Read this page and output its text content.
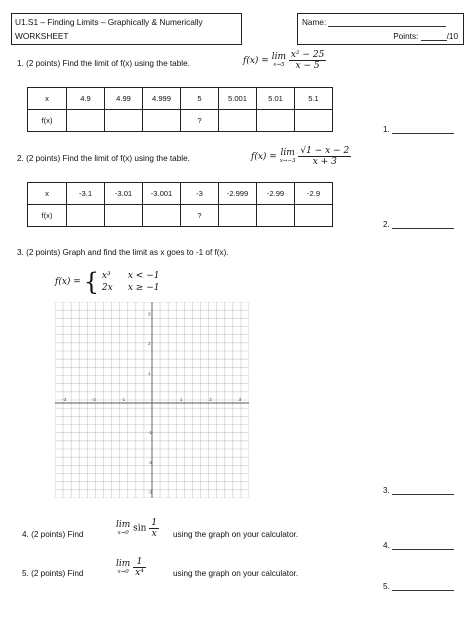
U1.S1 – Finding Limits – Graphically & Numerically
WORKSHEET
Name:
Points:	/10
1. (2 points) Find the limit of f(x) using the table.	f(x) = lim
x→5
$\frac{\text{x² − 25}}{x - 5}$
x	4.9	4.99	4.999	5	5.001	5.01	5.1
f(x)				?			
1.
2. (2 points) Find the limit of f(x) using the table.	f(x) = lim
x→−3
$\frac{√1 - x - 2}{x + 3}$
x	-3.1	-3.01	-3.001	-3	-2.999	-2.99	-2.9
f(x)				?			
2.
3. (2 points) Graph and find the limit as x goes to -1 of f(x).
f(x) = { x³ x < −1
2x x ≥ −1
-3	-2	-1	1	2	3
3
2
1
-1
-2
-3	3.
4. (2 points) Find
lim
x→0 $\sin \frac{1}{x}$ using the graph on your calculator.
4.
5. (2 points) Find
lim
x→0
$\frac{1}{\text{x⁴}}$	using the graph on your calculator.
5.
